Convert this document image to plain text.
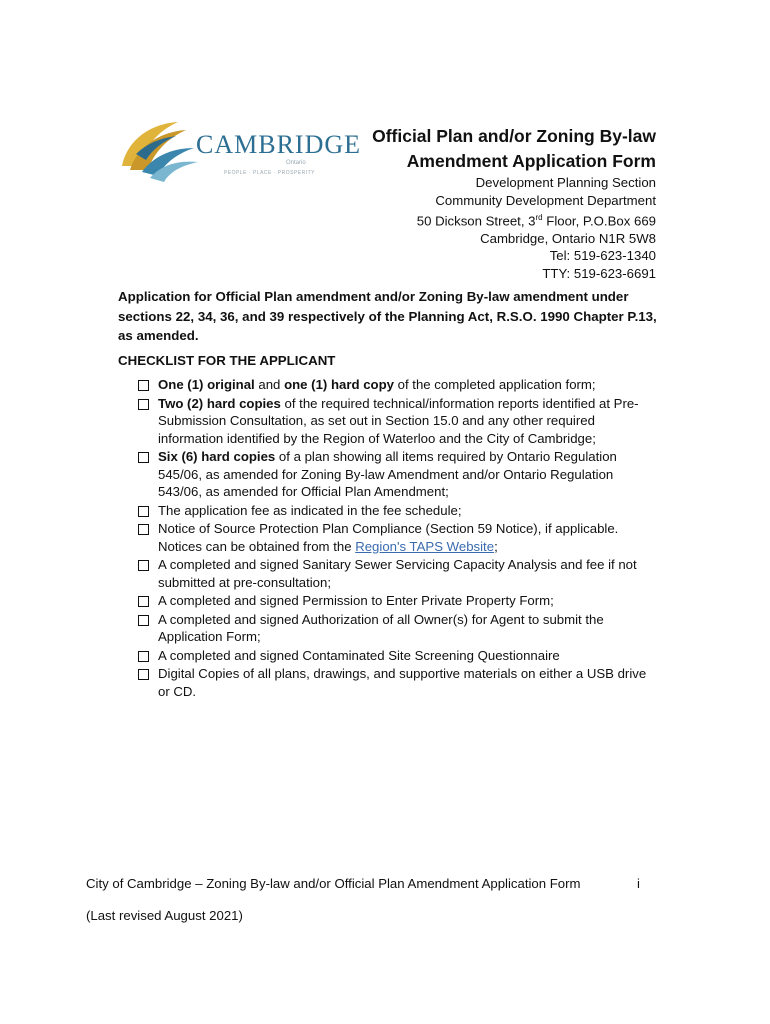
CAMBRIDGE
Ontario
PEOPLE · PLACE · PROSPERITY
Official Plan and/or Zoning By-law
Amendment Application Form
Development Planning Section
Community Development Department
50 Dickson Street, 3rd Floor, P.O.Box 669
Cambridge, Ontario N1R 5W8
Tel: 519-623-1340
TTY: 519-623-6691
Application for Official Plan amendment and/or Zoning By-law amendment under sections 22, 34, 36, and 39 respectively of the Planning Act, R.S.O. 1990 Chapter P.13, as amended.
CHECKLIST FOR THE APPLICANT
One (1) original and one (1) hard copy of the completed application form;
Two (2) hard copies of the required technical/information reports identified at Pre-Submission Consultation, as set out in Section 15.0 and any other required information identified by the Region of Waterloo and the City of Cambridge;
Six (6) hard copies of a plan showing all items required by Ontario Regulation 545/06, as amended for Zoning By-law Amendment and/or Ontario Regulation 543/06, as amended for Official Plan Amendment;
The application fee as indicated in the fee schedule;
Notice of Source Protection Plan Compliance (Section 59 Notice), if applicable. Notices can be obtained from the Region's TAPS Website;
A completed and signed Sanitary Sewer Servicing Capacity Analysis and fee if not submitted at pre-consultation;
A completed and signed Permission to Enter Private Property Form;
A completed and signed Authorization of all Owner(s) for Agent to submit the Application Form;
A completed and signed Contaminated Site Screening Questionnaire
Digital Copies of all plans, drawings, and supportive materials on either a USB drive or CD.
City of Cambridge – Zoning By-law and/or Official Plan Amendment Application Form	i
(Last revised August 2021)
